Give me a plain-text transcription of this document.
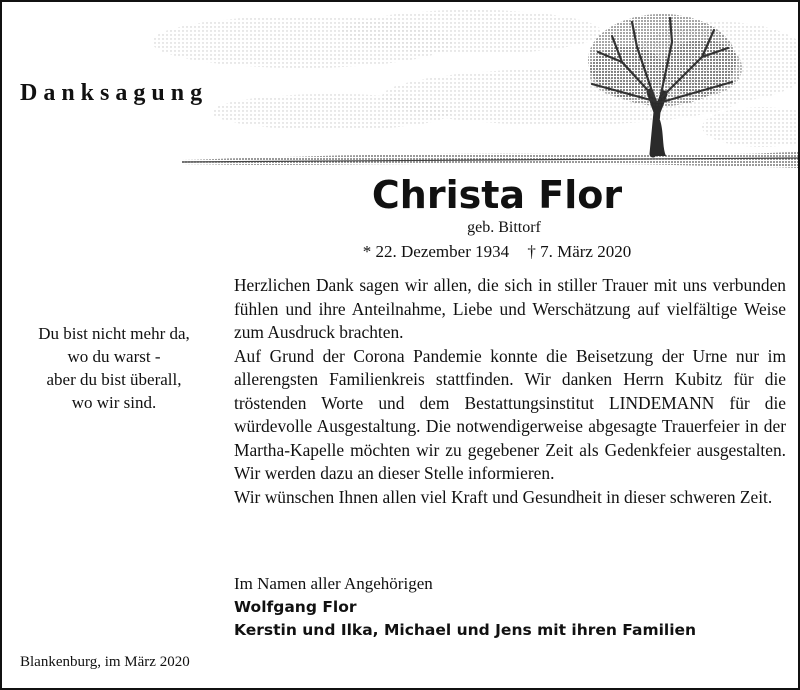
Danksagung
Christa Flor
geb. Bittorf
* 22. Dezember 1934 † 7. März 2020
Du bist nicht mehr da,
wo du warst -
aber du bist überall,
wo wir sind.

Herzlichen Dank sagen wir allen, die sich in stiller Trauer mit uns verbunden fühlen und ihre Anteilnahme, Liebe und Werschätzung auf vielfältige Weise zum Ausdruck brachten.

Auf Grund der Corona Pandemie konnte die Beisetzung der Urne nur im allerengsten Familienkreis stattfinden. Wir danken Herrn Kubitz für die tröstenden Worte und dem Bestattungsinstitut LINDEMANN für die würdevolle Ausgestaltung. Die notwendigerweise abgesagte Trauerfeier in der Martha-Kapelle möchten wir zu gegebener Zeit als Gedenkfeier ausgestalten. Wir werden dazu an dieser Stelle informieren.

Wir wünschen Ihnen allen viel Kraft und Gesundheit in dieser schweren Zeit.

Im Namen aller Angehörigen
Wolfgang Flor
Kerstin und Ilka, Michael und Jens mit ihren Familien
Blankenburg, im März 2020
